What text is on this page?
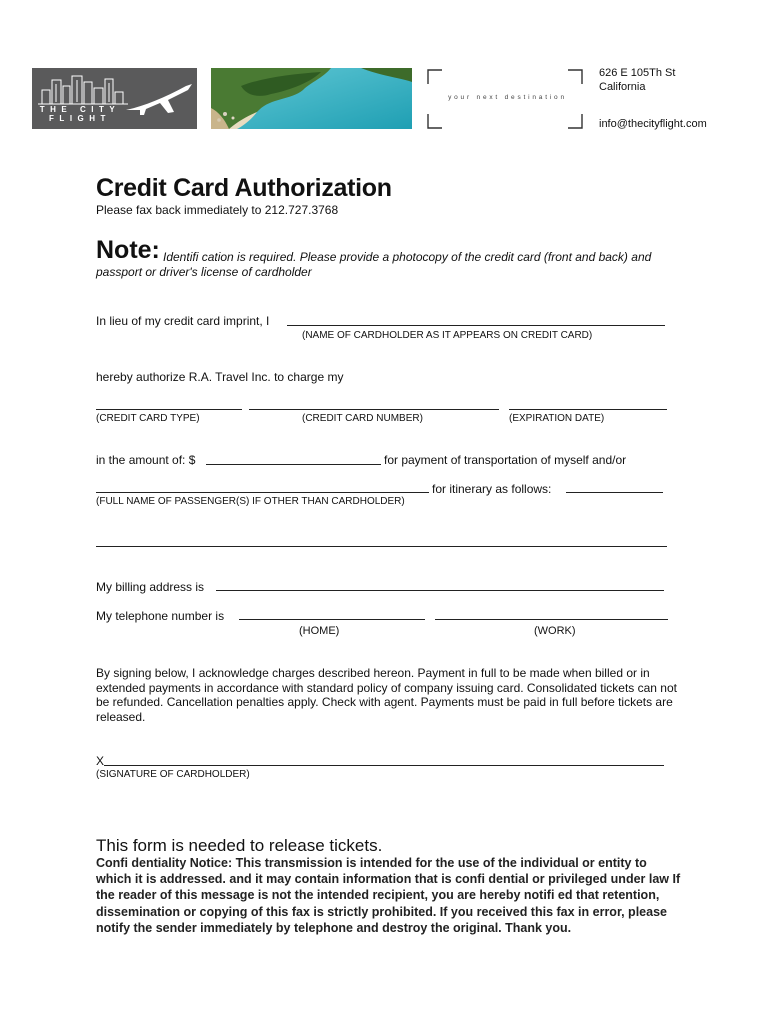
THE CITY FLIGHT
your next destination
626 E 105Th St
California
info@thecityflight.com
Credit Card Authorization
Please fax back immediately to 212.727.3768
Note: Identifi cation is required. Please provide a photocopy of the credit card (front and back) and passport or driver's license of cardholder
In lieu of my credit card imprint, I
(NAME OF CARDHOLDER AS IT APPEARS ON CREDIT CARD)
hereby authorize R.A. Travel Inc. to charge my
(CREDIT CARD TYPE)	(CREDIT CARD NUMBER)	(EXPIRATION DATE)
in the amount of: $	for payment of transportation of myself and/or
for itinerary as follows:
(FULL NAME OF PASSENGER(S) IF OTHER THAN CARDHOLDER)
My billing address is
My telephone number is
(HOME)	(WORK)
By signing below, I acknowledge charges described hereon. Payment in full to be made when billed or in extended payments in accordance with standard policy of company issuing card. Consolidated tickets can not be refunded. Cancellation penalties apply. Check with agent. Payments must be paid in full before tickets are released.
X
(SIGNATURE OF CARDHOLDER)
This form is needed to release tickets.
Confi dentiality Notice: This transmission is intended for the use of the individual or entity to which it is addressed. and it may contain information that is confi dential or privileged under law If the reader of this message is not the intended recipient, you are hereby notifi ed that retention, dissemination or copying of this fax is strictly prohibited. If you received this fax in error, please notify the sender immediately by telephone and destroy the original. Thank you.
